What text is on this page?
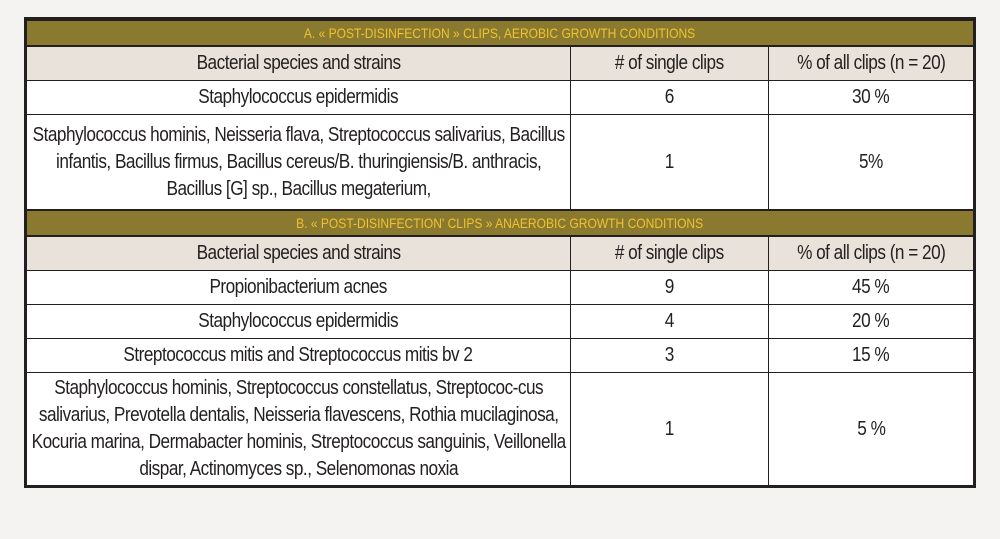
A. « POST-DISINFECTION » CLIPS, AEROBIC GROWTH CONDITIONS		
Bacterial species and strains	# of single clips	% of all clips (n = 20)
Staphylococcus epidermidis	6	30 %

Staphylococcus hominis, Neisseria flava, Streptococcus salivarius, Bacillus infantis, Bacillus firmus, Bacillus cereus/B. thuringiensis/B. anthracis, Bacillus [G] sp., Bacillus megaterium,	1	5%
B. « POST-DISINFECTION' CLIPS » ANAEROBIC GROWTH CONDITIONS		
Bacterial species and strains	# of single clips	% of all clips (n = 20)
Propionibacterium acnes	9	45 %
Staphylococcus epidermidis	4	20 %
Streptococcus mitis and Streptococcus mitis bv 2	3	15 %

Staphylococcus hominis, Streptococcus constellatus, Streptococ-cus salivarius, Prevotella dentalis, Neisseria flavescens, Rothia mucilaginosa, Kocuria marina, Dermabacter hominis, Streptococcus sanguinis, Veillonella dispar, Actinomyces sp., Selenomonas noxia	1	5 %
